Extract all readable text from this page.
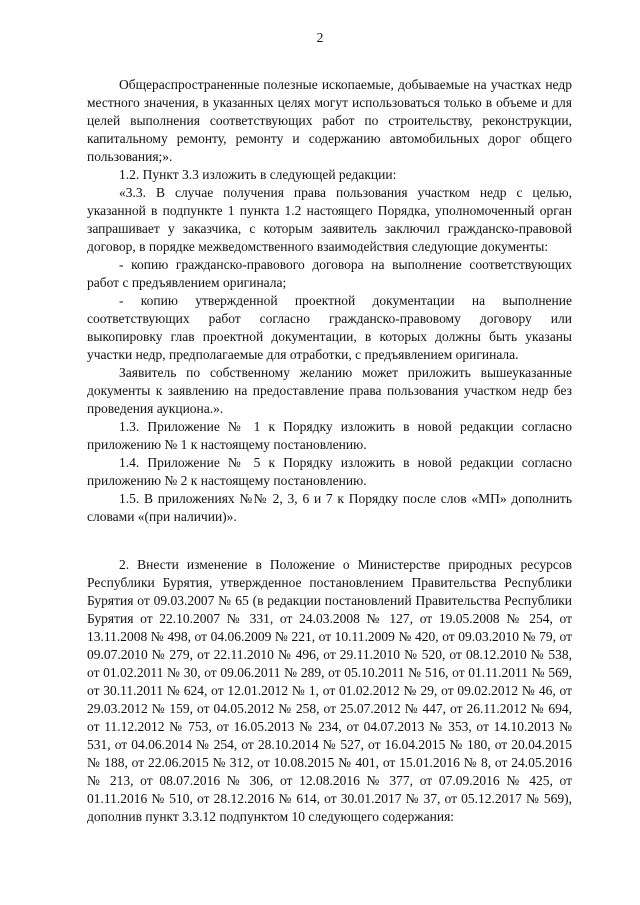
2

Общераспространенные полезные ископаемые, добываемые на участках недр местного значения, в указанных целях могут использоваться только в объеме и для целей выполнения соответствующих работ по строительству, реконструкции, капитальному ремонту, ремонту и содержанию автомобильных дорог общего пользования;».

1.2. Пункт 3.3 изложить в следующей редакции:

«3.3. В случае получения права пользования участком недр с целью, указанной в подпункте 1 пункта 1.2 настоящего Порядка, уполномоченный орган запрашивает у заказчика, с которым заявитель заключил гражданско-правовой договор, в порядке межведомственного взаимодействия следующие документы:

- копию гражданско-правового договора на выполнение соответствующих работ с предъявлением оригинала;

- копию утвержденной проектной документации на выполнение соответствующих работ согласно гражданско-правовому договору или выкопировку глав проектной документации, в которых должны быть указаны участки недр, предполагаемые для отработки, с предъявлением оригинала.

Заявитель по собственному желанию может приложить вышеуказанные документы к заявлению на предоставление права пользования участком недр без проведения аукциона.».

1.3. Приложение № 1 к Порядку изложить в новой редакции согласно приложению № 1 к настоящему постановлению.

1.4. Приложение № 5 к Порядку изложить в новой редакции согласно приложению № 2 к настоящему постановлению.

1.5. В приложениях №№ 2, 3, 6 и 7 к Порядку после слов «МП» дополнить словами «(при наличии)».

2. Внести изменение в Положение о Министерстве природных ресурсов Республики Бурятия, утвержденное постановлением Правительства Республики Бурятия от 09.03.2007 № 65 (в редакции постановлений Правительства Республики Бурятия от 22.10.2007 № 331, от 24.03.2008 № 127, от 19.05.2008 № 254, от 13.11.2008 № 498, от 04.06.2009 № 221, от 10.11.2009 № 420, от 09.03.2010 № 79, от 09.07.2010 № 279, от 22.11.2010 № 496, от 29.11.2010 № 520, от 08.12.2010 № 538, от 01.02.2011 № 30, от 09.06.2011 № 289, от 05.10.2011 № 516, от 01.11.2011 № 569, от 30.11.2011 № 624, от 12.01.2012 № 1, от 01.02.2012 № 29, от 09.02.2012 № 46, от 29.03.2012 № 159, от 04.05.2012 № 258, от 25.07.2012 № 447, от 26.11.2012 № 694, от 11.12.2012 № 753, от 16.05.2013 № 234, от 04.07.2013 № 353, от 14.10.2013 № 531, от 04.06.2014 № 254, от 28.10.2014 № 527, от 16.04.2015 № 180, от 20.04.2015 № 188, от 22.06.2015 № 312, от 10.08.2015 № 401, от 15.01.2016 № 8, от 24.05.2016 № 213, от 08.07.2016 № 306, от 12.08.2016 № 377, от 07.09.2016 № 425, от 01.11.2016 № 510, от 28.12.2016 № 614, от 30.01.2017 № 37, от 05.12.2017 № 569), дополнив пункт 3.3.12 подпунктом 10 следующего содержания:
